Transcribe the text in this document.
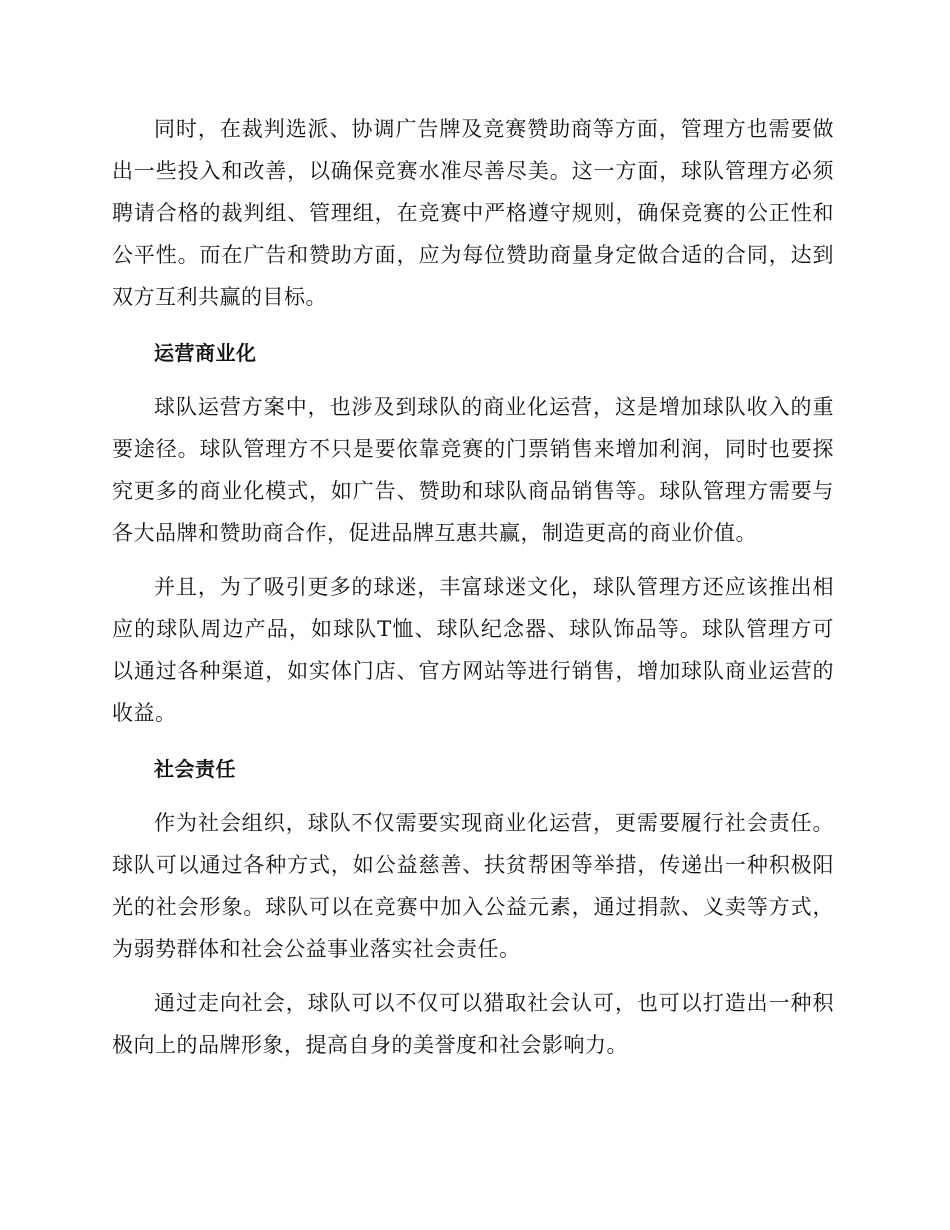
同时，在裁判选派、协调广告牌及竞赛赞助商等方面，管理方也需要做出一些投入和改善，以确保竞赛水准尽善尽美。这一方面，球队管理方必须聘请合格的裁判组、管理组，在竞赛中严格遵守规则，确保竞赛的公正性和公平性。而在广告和赞助方面，应为每位赞助商量身定做合适的合同，达到双方互利共赢的目标。

运营商业化

球队运营方案中，也涉及到球队的商业化运营，这是增加球队收入的重要途径。球队管理方不只是要依靠竞赛的门票销售来增加利润，同时也要探究更多的商业化模式，如广告、赞助和球队商品销售等。球队管理方需要与各大品牌和赞助商合作，促进品牌互惠共赢，制造更高的商业价值。

并且，为了吸引更多的球迷，丰富球迷文化，球队管理方还应该推出相应的球队周边产品，如球队T恤、球队纪念器、球队饰品等。球队管理方可以通过各种渠道，如实体门店、官方网站等进行销售，增加球队商业运营的收益。

社会责任

作为社会组织，球队不仅需要实现商业化运营，更需要履行社会责任。球队可以通过各种方式，如公益慈善、扶贫帮困等举措，传递出一种积极阳光的社会形象。球队可以在竞赛中加入公益元素，通过捐款、义卖等方式，为弱势群体和社会公益事业落实社会责任。

通过走向社会，球队可以不仅可以猎取社会认可，也可以打造出一种积极向上的品牌形象，提高自身的美誉度和社会影响力。
